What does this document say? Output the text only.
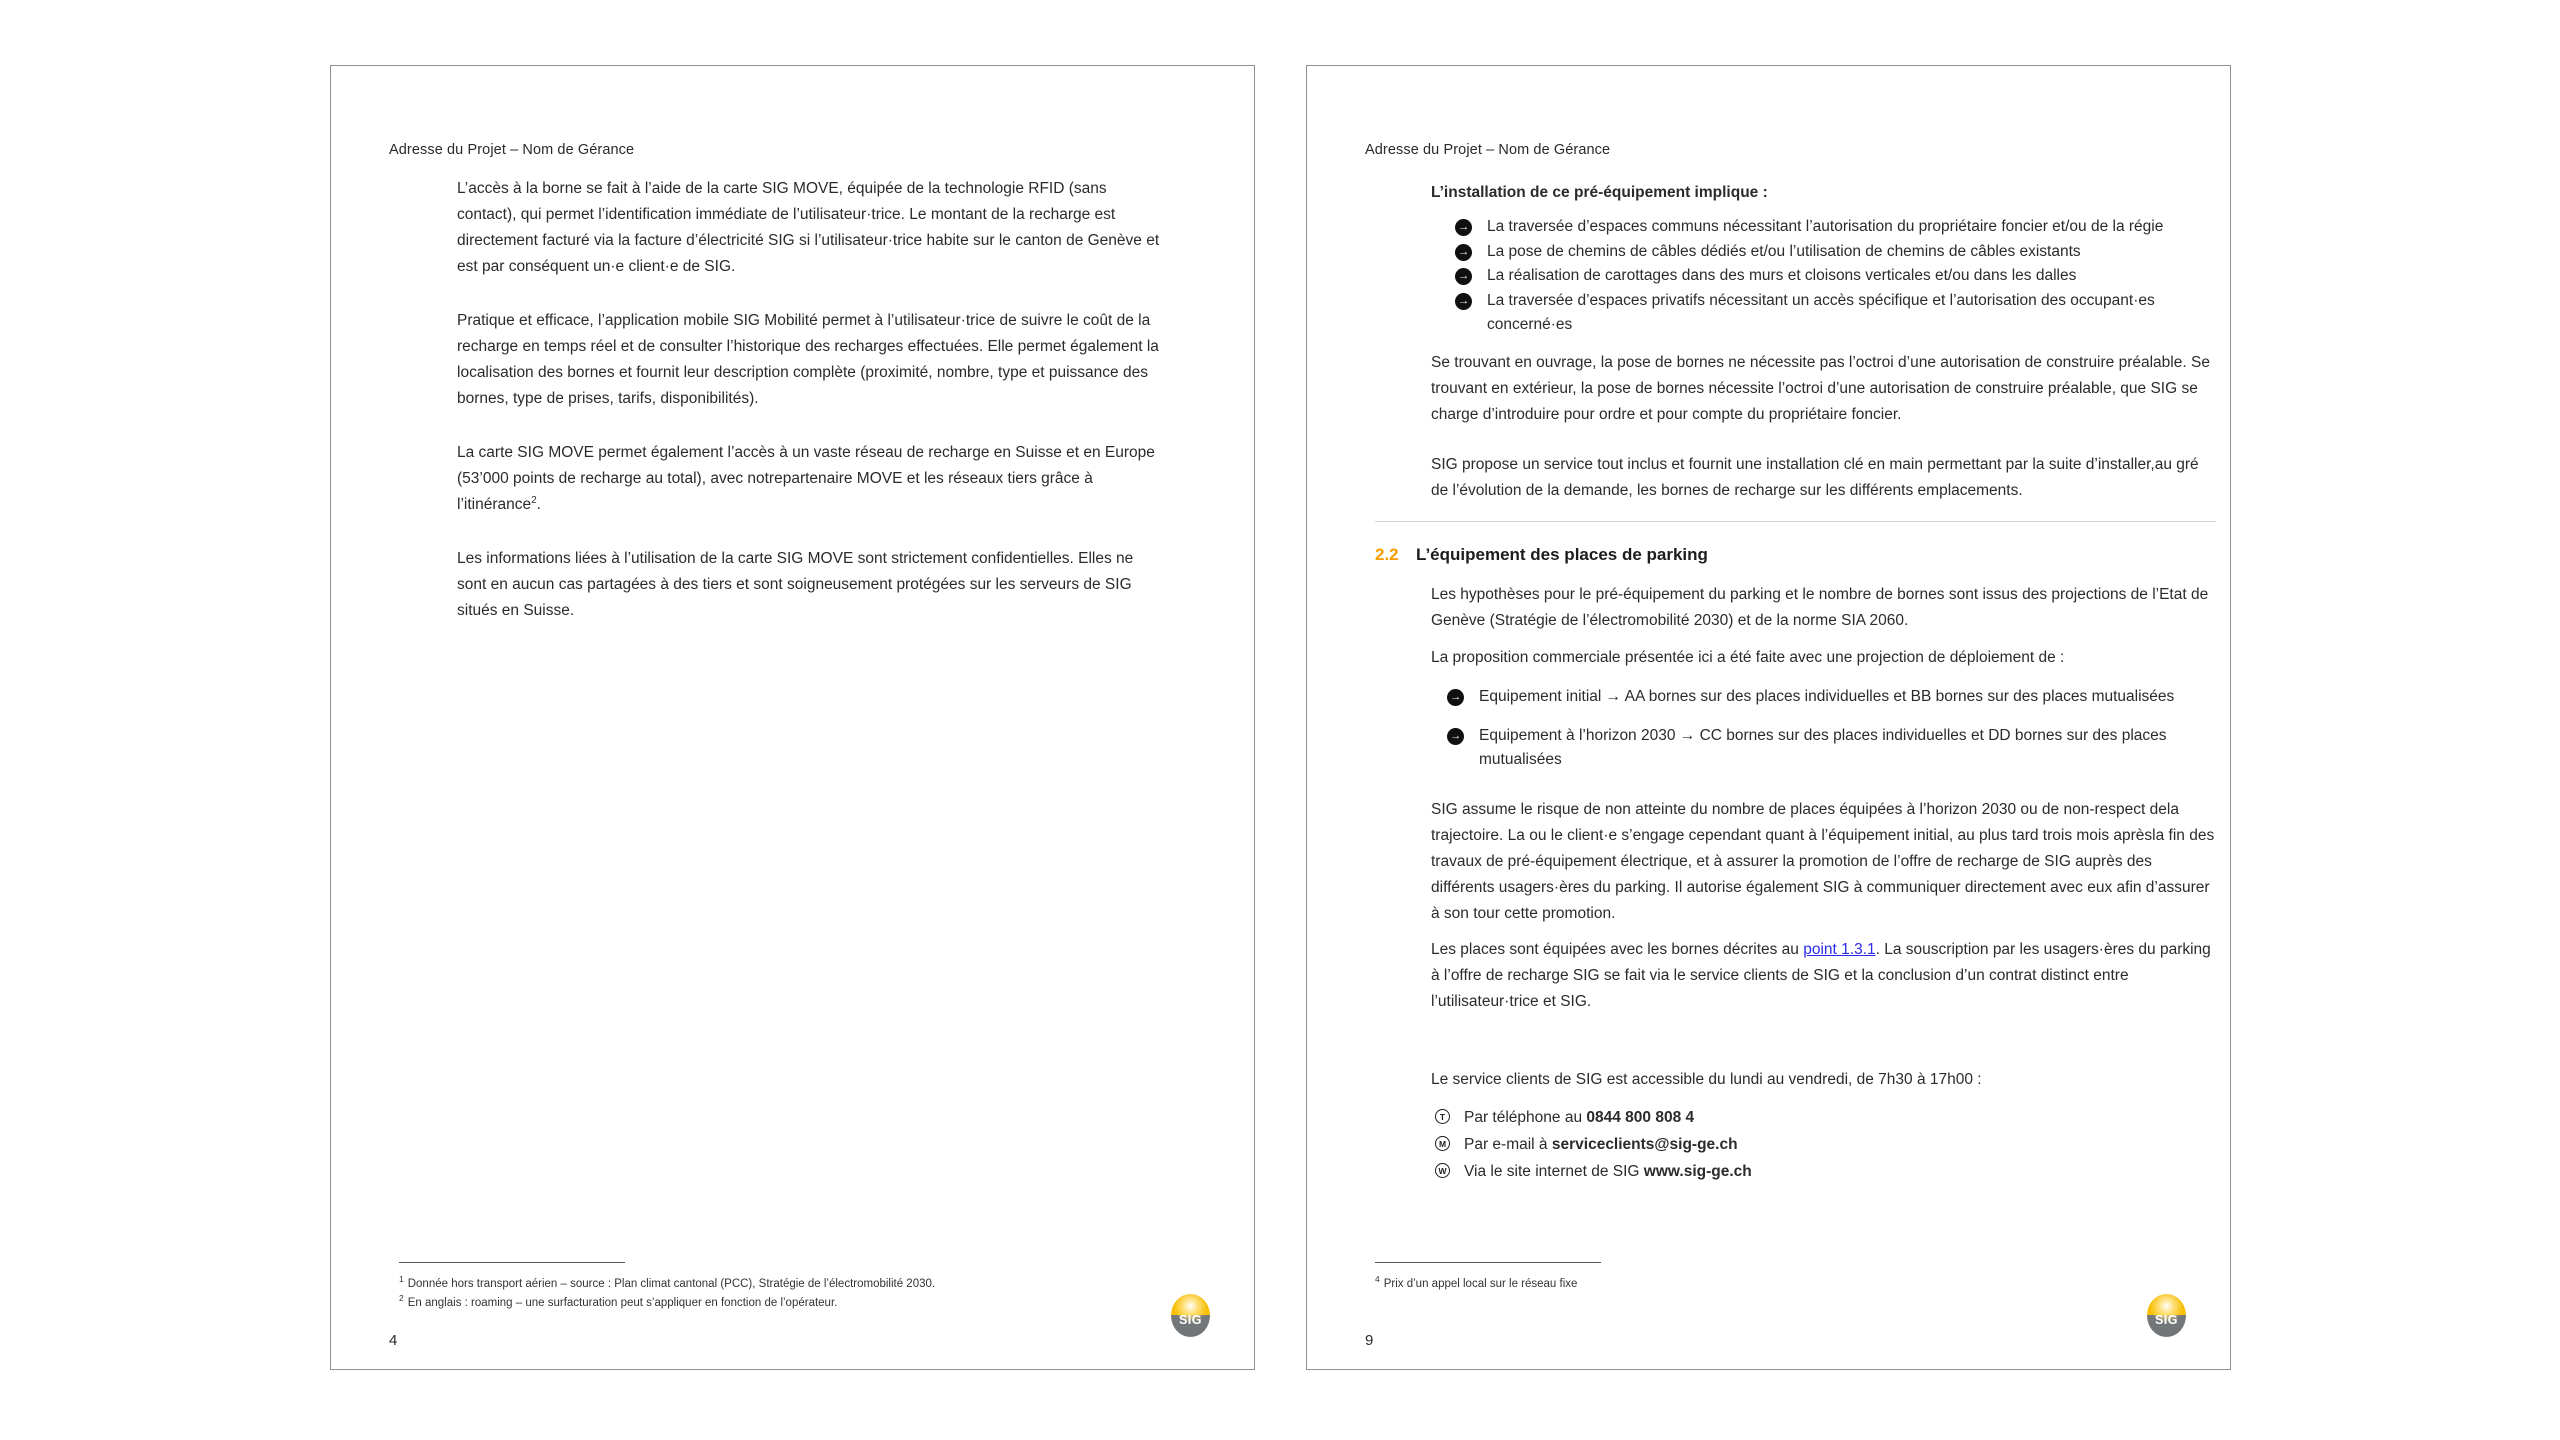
Adresse du Projet – Nom de Gérance

L’accès à la borne se fait à l’aide de la carte SIG MOVE, équipée de la technologie RFID (sans contact), qui permet l’identification immédiate de l’utilisateur·trice. Le montant de la recharge est directement facturé via la facture d’électricité SIG si l’utilisateur·trice habite sur le canton de Genève et est par conséquent un·e client·e de SIG.

Pratique et efficace, l’application mobile SIG Mobilité permet à l’utilisateur·trice de suivre le coût de la recharge en temps réel et de consulter l’historique des recharges effectuées. Elle permet également la localisation des bornes et fournit leur description complète (proximité, nombre, type et puissance des bornes, type de prises, tarifs, disponibilités).

La carte SIG MOVE permet également l’accès à un vaste réseau de recharge en Suisse et en Europe (53’000 points de recharge au total), avec notrepartenaire MOVE et les réseaux tiers grâce à l’itinérance$^2$.

Les informations liées à l’utilisation de la carte SIG MOVE sont strictement confidentielles. Elles ne sont en aucun cas partagées à des tiers et sont soigneusement protégées sur les serveurs de SIG situés en Suisse.

$^1$ Donnée hors transport aérien – source : Plan climat cantonal (PCC), Stratégie de l’électromobilité 2030.
$^2$ En anglais : roaming – une surfacturation peut s’appliquer en fonction de l’opérateur.
4
SIG
Adresse du Projet – Nom de Gérance

L’installation de ce pré-équipement implique :

→ La traversée d’espaces communs nécessitant l’autorisation du propriétaire foncier et/ou de la régie
→ La pose de chemins de câbles dédiés et/ou l’utilisation de chemins de câbles existants
→ La réalisation de carottages dans des murs et cloisons verticales et/ou dans les dalles
→ La traversée d’espaces privatifs nécessitant un accès spécifique et l’autorisation des occupant·es concerné·es

Se trouvant en ouvrage, la pose de bornes ne nécessite pas l’octroi d’une autorisation de construire préalable. Se trouvant en extérieur, la pose de bornes nécessite l’octroi d’une autorisation de construire préalable, que SIG se charge d’introduire pour ordre et pour compte du propriétaire foncier.

SIG propose un service tout inclus et fournit une installation clé en main permettant par la suite d’installer,au gré de l’évolution de la demande, les bornes de recharge sur les différents emplacements.

2.2 L’équipement des places de parking

Les hypothèses pour le pré-équipement du parking et le nombre de bornes sont issus des projections de l’Etat de Genève (Stratégie de l’électromobilité 2030) et de la norme SIA 2060.

La proposition commerciale présentée ici a été faite avec une projection de déploiement de :

→ Equipement initial → AA bornes sur des places individuelles et BB bornes sur des places mutualisées
→ Equipement à l’horizon 2030 → CC bornes sur des places individuelles et DD bornes sur des places mutualisées

SIG assume le risque de non atteinte du nombre de places équipées à l’horizon 2030 ou de non-respect dela trajectoire. La ou le client·e s’engage cependant quant à l’équipement initial, au plus tard trois mois aprèsla fin des travaux de pré-équipement électrique, et à assurer la promotion de l’offre de recharge de SIG auprès des différents usagers·ères du parking. Il autorise également SIG à communiquer directement avec eux afin d’assurer à son tour cette promotion.

Les places sont équipées avec les bornes décrites au point 1.3.1. La souscription par les usagers·ères du parking à l’offre de recharge SIG se fait via le service clients de SIG et la conclusion d’un contrat distinct entre l’utilisateur·trice et SIG.

Le service clients de SIG est accessible du lundi au vendredi, de 7h30 à 17h00 :

T	Par téléphone au 0844 800 808 4
M Par e-mail à serviceclients@sig-ge.ch
W Via le site internet de SIG www.sig-ge.ch
$^4$ Prix d’un appel local sur le réseau fixe
9
SIG
